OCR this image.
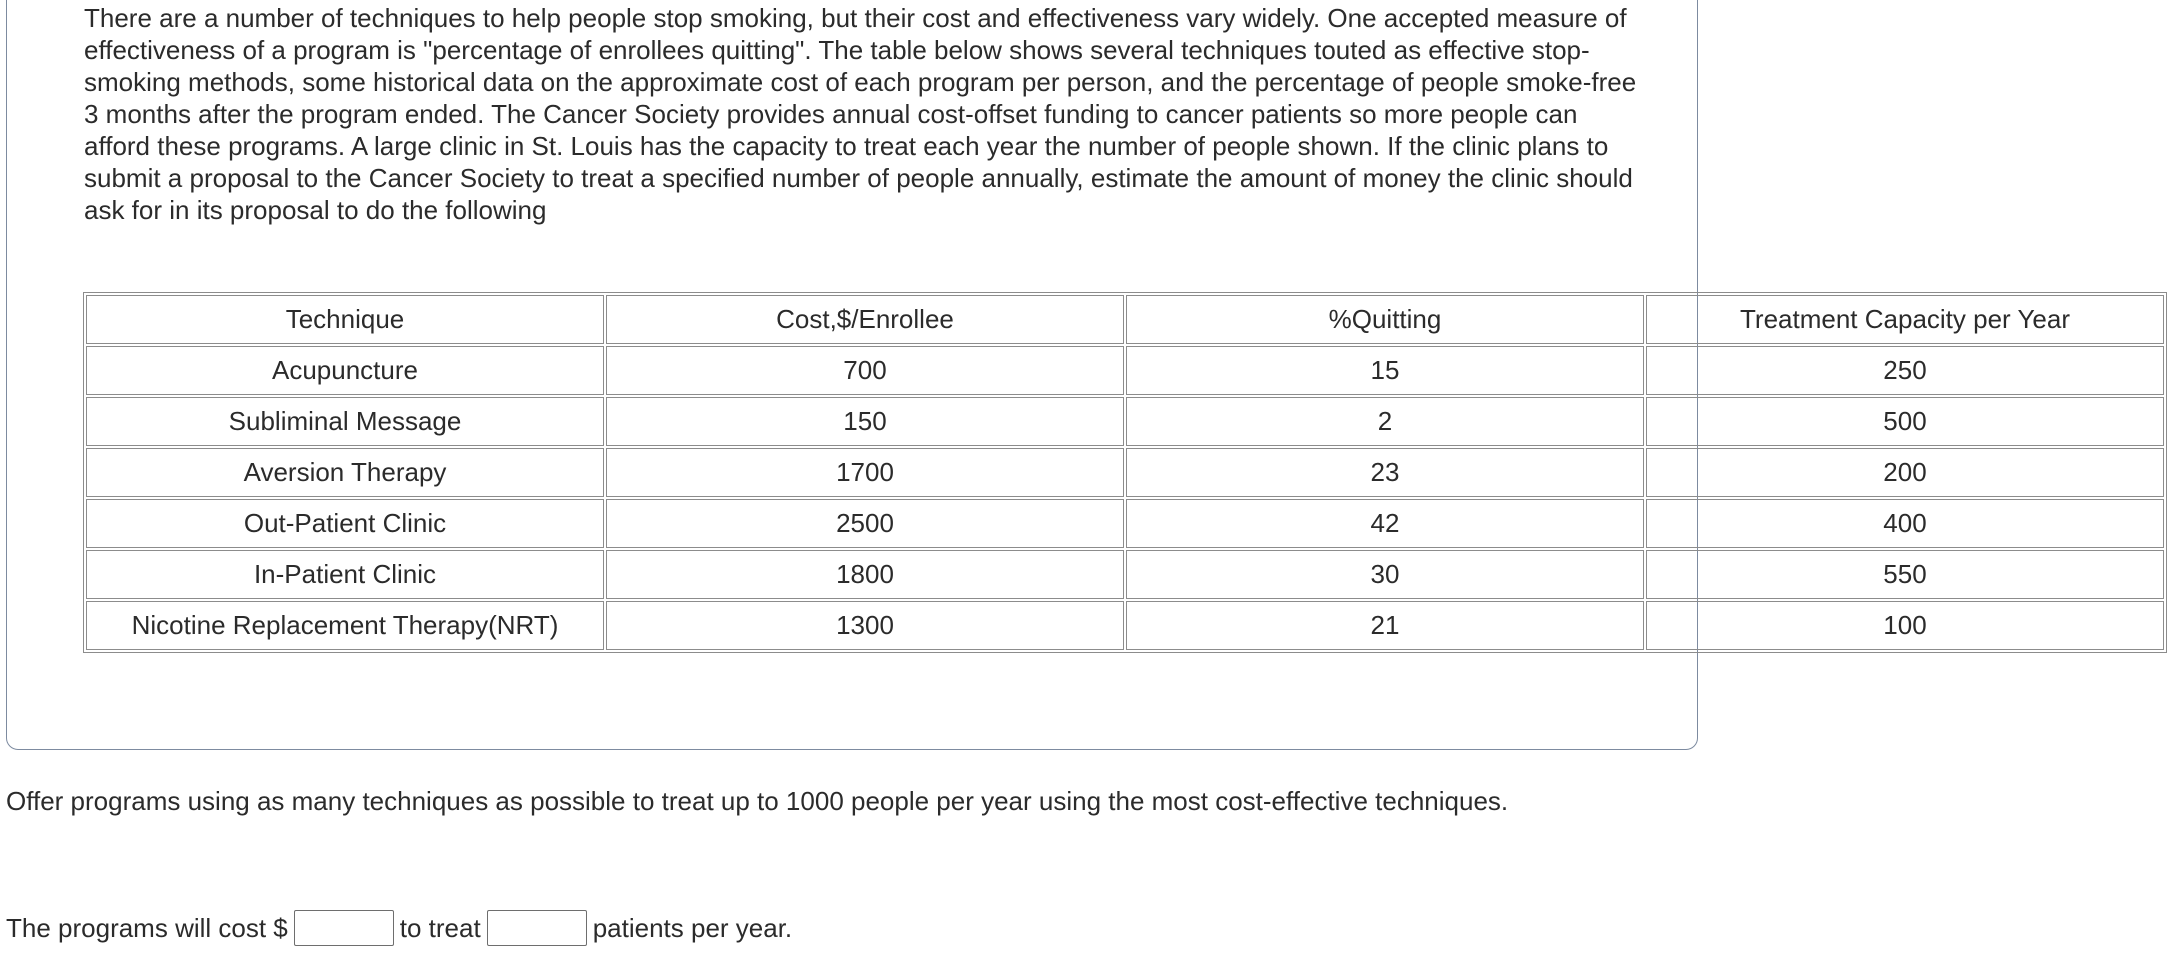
There are a number of techniques to help people stop smoking, but their cost and effectiveness vary widely. One accepted measure of effectiveness of a program is "percentage of enrollees quitting". The table below shows several techniques touted as effective stop-smoking methods, some historical data on the approximate cost of each program per person, and the percentage of people smoke-free 3 months after the program ended. The Cancer Society provides annual cost-offset funding to cancer patients so more people can afford these programs. A large clinic in St. Louis has the capacity to treat each year the number of people shown. If the clinic plans to submit a proposal to the Cancer Society to treat a specified number of people annually, estimate the amount of money the clinic should ask for in its proposal to do the following

Technique	Cost,$/Enrollee	%Quitting	Treatment Capacity per Year
Acupuncture	700	15	250
Subliminal Message	150	2	500
Aversion Therapy	1700	23	200
Out-Patient Clinic	2500	42	400
In-Patient Clinic	1800	30	550
Nicotine Replacement Therapy(NRT)	1300	21	100

Offer programs using as many techniques as possible to treat up to 1000 people per year using the most cost-effective techniques.

The programs will cost $	to treat	patients per year.
